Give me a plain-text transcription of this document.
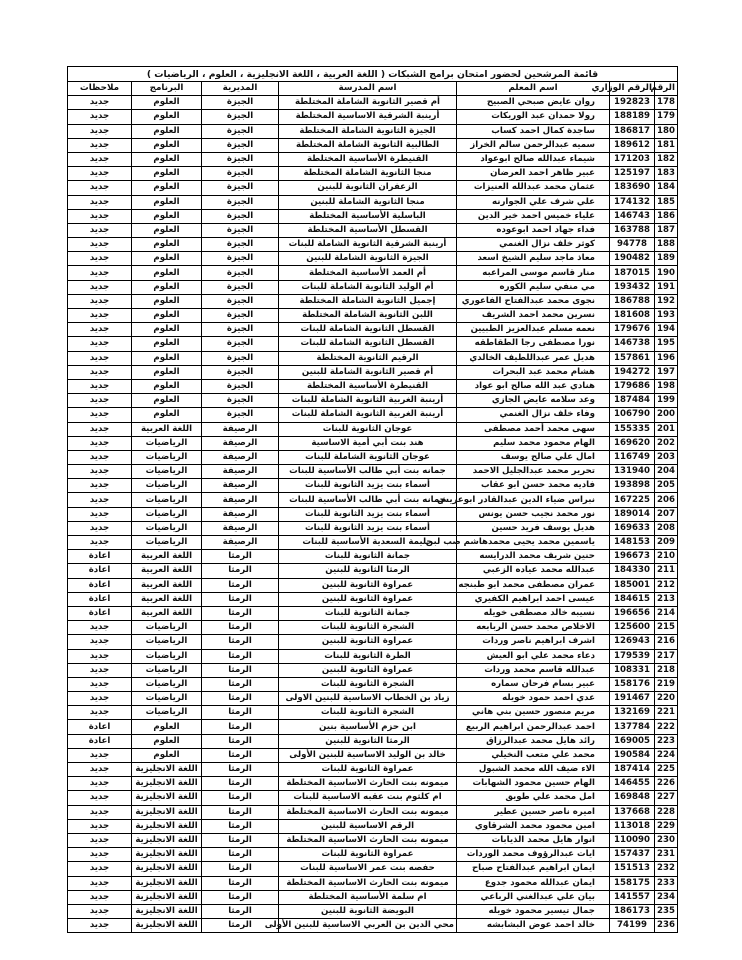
قائمة المرشحين لحضور امتحان برامج الشبكات ( اللغة العربية ، اللغة الانجليزية ، العلوم ، الرياضيات )						
الرقم	الرقم الوزاري	اسم المعلم	اسم المدرسة	المديرية	البرنامج	ملاحظات
178	192823	روان عايض صبحي الصبيح	أم قصير الثانوية الشاملة المختلطة	الجيزة	العلوم	جديد
179	188189	رولا حمدان عبد الوريكات	أرينبة الشرقية الاساسية المختلطة	الجيزة	العلوم	جديد
180	186817	ساجدة كمال احمد كساب	الجيزة الثانوية الشاملة المختلطة	الجيزة	العلوم	جديد
181	189612	سميه عبدالرحمن سالم الخراز	الطالبية الثانوية الشاملة المختلطة	الجيزة	العلوم	جديد
182	171203	شيماء عبدالله صالح ابوعواد	القنيطرة الأساسية المختلطة	الجيزة	العلوم	جديد
183	125197	عبير ظاهر احمد العرضان	منجا الثانوية الشاملة المختلطة	الجيزة	العلوم	جديد
184	183690	عثمان محمد عبدالله العنيزات	الزعفران الثانوية للبنين	الجيزة	العلوم	جديد
185	174132	علي شرف علي الجوارنه	منجا الثانوية الشاملة للبنين	الجيزة	العلوم	جديد
186	146743	علياء خميس احمد خير الدين	الباسلية الأساسية المختلطة	الجيزة	العلوم	جديد
187	163788	فداء جهاد احمد ابوعوده	القسطل الأساسية المختلطة	الجيزة	العلوم	جديد
188	94778	كوثر خلف نزال الغنمي	أرينبة الشرقية الثانوية الشاملة للبنات	الجيزة	العلوم	جديد
189	190482	معاذ ماجد سليم الشيخ اسعد	الجيزة الثانوية الشاملة للبنين	الجيزة	العلوم	جديد
190	187015	منار قاسم موسى المراعبه	أم العمد الأساسية المختلطة	الجيزة	العلوم	جديد
191	193432	مي منفي سليم الكوره	أم الوليد الثانوية الشاملة للبنات	الجيزة	العلوم	جديد
192	186788	نجوى محمد عبدالفتاح الفاعوري	إجميل الثانوية الشاملة المختلطة	الجيزة	العلوم	جديد
193	181608	نسرين محمد احمد الشريف	اللبن الثانوية الشاملة المختلطة	الجيزة	العلوم	جديد
194	179676	نعمه مسلم عبدالعزيز الطبيين	القسطل الثانوية الشاملة للبنات	الجيزة	العلوم	جديد
195	146738	نورا مصطفى رجا الطقاطقه	القسطل الثانوية الشاملة للبنات	الجيزة	العلوم	جديد
196	157861	هديل عمر عبداللطيف الخالدي	الرقيم الثانوية المختلطة	الجيزة	العلوم	جديد
197	194272	هشام محمد عبد البحرات	أم قصير الثانوية الشاملة للبنين	الجيزة	العلوم	جديد
198	179686	هنادي عبد الله صالح ابو عواد	القنيطرة الأساسية المختلطة	الجيزة	العلوم	جديد
199	187484	وعد سلامه عايض الجازي	أرينبة الغربية الثانوية الشاملة للبنات	الجيزة	العلوم	جديد
200	106790	وفاء خلف نزال الغنمي	أرينبة الغربية الثانوية الشاملة للبنات	الجيزة	العلوم	جديد
201	155335	سهى محمد أحمد مصطفى	عوجان الثانوية للبنات	الرصيفة	اللغة العربية	جديد
202	169620	الهام محمود محمد سليم	هند بنت أبي أمية الاساسية	الرصيفة	الرياضيات	جديد
203	116749	امال علي صالح يوسف	عوجان الثانوية الشاملة للبنات	الرصيفة	الرياضيات	جديد
204	131940	تحرير محمد عبدالجليل الاحمد	جمانه بنت أبي طالب الأساسية للبنات	الرصيفة	الرياضيات	جديد
205	193898	فاديه محمد حسن ابو عقاب	أسماء بنت يزيد الثانوية للبنات	الرصيفة	الرياضيات	جديد
206	167225	نبراس ضياء الدين عبدالقادر ابوعريش	جمانه بنت أبي طالب الأساسية للبنات	الرصيفة	الرياضيات	جديد
207	189014	نور محمد نجيب حسن يونس	أسماء بنت يزيد الثانوية للبنات	الرصيفة	الرياضيات	جديد
208	169633	هديل يوسف فريد حسين	أسماء بنت يزيد الثانوية للبنات	الرصيفة	الرياضيات	جديد
209	148153	ياسمين محمد يحيى محمدهاشم صب لبن	حليمة السعدية الأساسية للبنات	الرصيفة	الرياضيات	جديد
210	196673	حنين شريف محمد الدرايسه	جمانة الثانوية للبنات	الرمثا	اللغة العربية	اعادة
211	184330	عبدالله محمد عياده الزعبي	الرمثا الثانوية للبنين	الرمثا	اللغة العربية	اعادة
212	185001	عمران مصطفى محمد ابو طبنجه	عمراوة الثانوية للبنين	الرمثا	اللغة العربية	اعادة
213	184615	عيسى احمد ابراهيم الكفيري	عمراوة الثانوية للبنين	الرمثا	اللغة العربية	اعادة
214	196656	نسيبه خالد مصطفى خويله	جمانة الثانوية للبنات	الرمثا	اللغة العربية	اعادة
215	125600	الاخلاص محمد حسن الربابعه	الشجرة الثانوية للبنات	الرمثا	الرياضيات	جديد
216	126943	اشرف ابراهيم ناصر وردات	عمراوة الثانوية للبنين	الرمثا	الرياضيات	جديد
217	179539	دعاء محمد علي ابو العيش	الطرة الثانوية للبنات	الرمثا	الرياضيات	جديد
218	108331	عبدالله قاسم محمد وردات	عمراوة الثانوية للبنين	الرمثا	الرياضيات	جديد
219	158176	عبير بسام فرحان سماره	الشجرة الثانوية للبنات	الرمثا	الرياضيات	جديد
220	191467	عدي احمد حمود خويله	زياد بن الخطاب الاساسية للبنين الاولى	الرمثا	الرياضيات	جديد
221	132169	مريم منصور حسين بني هاني	الشجرة الثانوية للبنات	الرمثا	الرياضيات	جديد
222	137784	احمد عبدالرحمن ابراهيم الربيع	ابن حزم الأساسية بنين	الرمثا	العلوم	اعادة
223	169005	رائد هايل محمد عبدالرزاق	الرمثا الثانوية للبنين	الرمثا	العلوم	اعادة
224	190584	محمد علي متعب النخيلي	خالد بن الوليد الاساسية للبنين الأولى	الرمثا	العلوم	جديد
225	187414	الاء ضيف الله محمد الشبول	عمراوة الثانوية للبنات	الرمثا	اللغة الانجليزية	جديد
226	146455	الهام حسين محمود الشهابات	ميمونه بنت الحارث الاساسية المختلطة	الرمثا	اللغة الانجليزية	جديد
227	169848	امل محمد علي طويق	ام كلثوم بنت عقبه الاساسية للبنات	الرمثا	اللغة الانجليزية	جديد
228	137668	اميره ناصر حسين عطير	ميمونه بنت الحارث الاساسية المختلطة	الرمثا	اللغة الانجليزية	جديد
229	113018	امين محمود محمد الشرقاوي	الرقم الاساسية للبنين	الرمثا	اللغة الانجليزية	جديد
230	110090	انوار هايل محمد الذيابات	ميمونه بنت الحارث الاساسية المختلطة	الرمثا	اللغة الانجليزية	جديد
231	157437	ايات عبدالرؤوف محمد الوردات	عمراوة الثانوية للبنات	الرمثا	اللغة الانجليزية	جديد
232	151513	ايمان ابراهيم عبدالفتاح صباح	حفصه بنت عمر الاساسية للبنات	الرمثا	اللغة الانجليزية	جديد
233	158175	ايمان عبدالله محمود جدوع	ميمونه بنت الحارث الاساسية المختلطة	الرمثا	اللغة الانجليزية	جديد
234	141557	بيان علي عبدالغني الرباعي	ام سلمة الأساسية المختلطة	الرمثا	اللغة الانجليزية	جديد
235	186173	جمال تيسير محمود خويله	البويضة الثانوية للبنين	الرمثا	اللغة الانجليزية	جديد
236	74199	خالد احمد عوض البشابشه	محي الدين بن العربي الاساسية للبنين الأولى	الرمثا	اللغة الانجليزية	جديد
